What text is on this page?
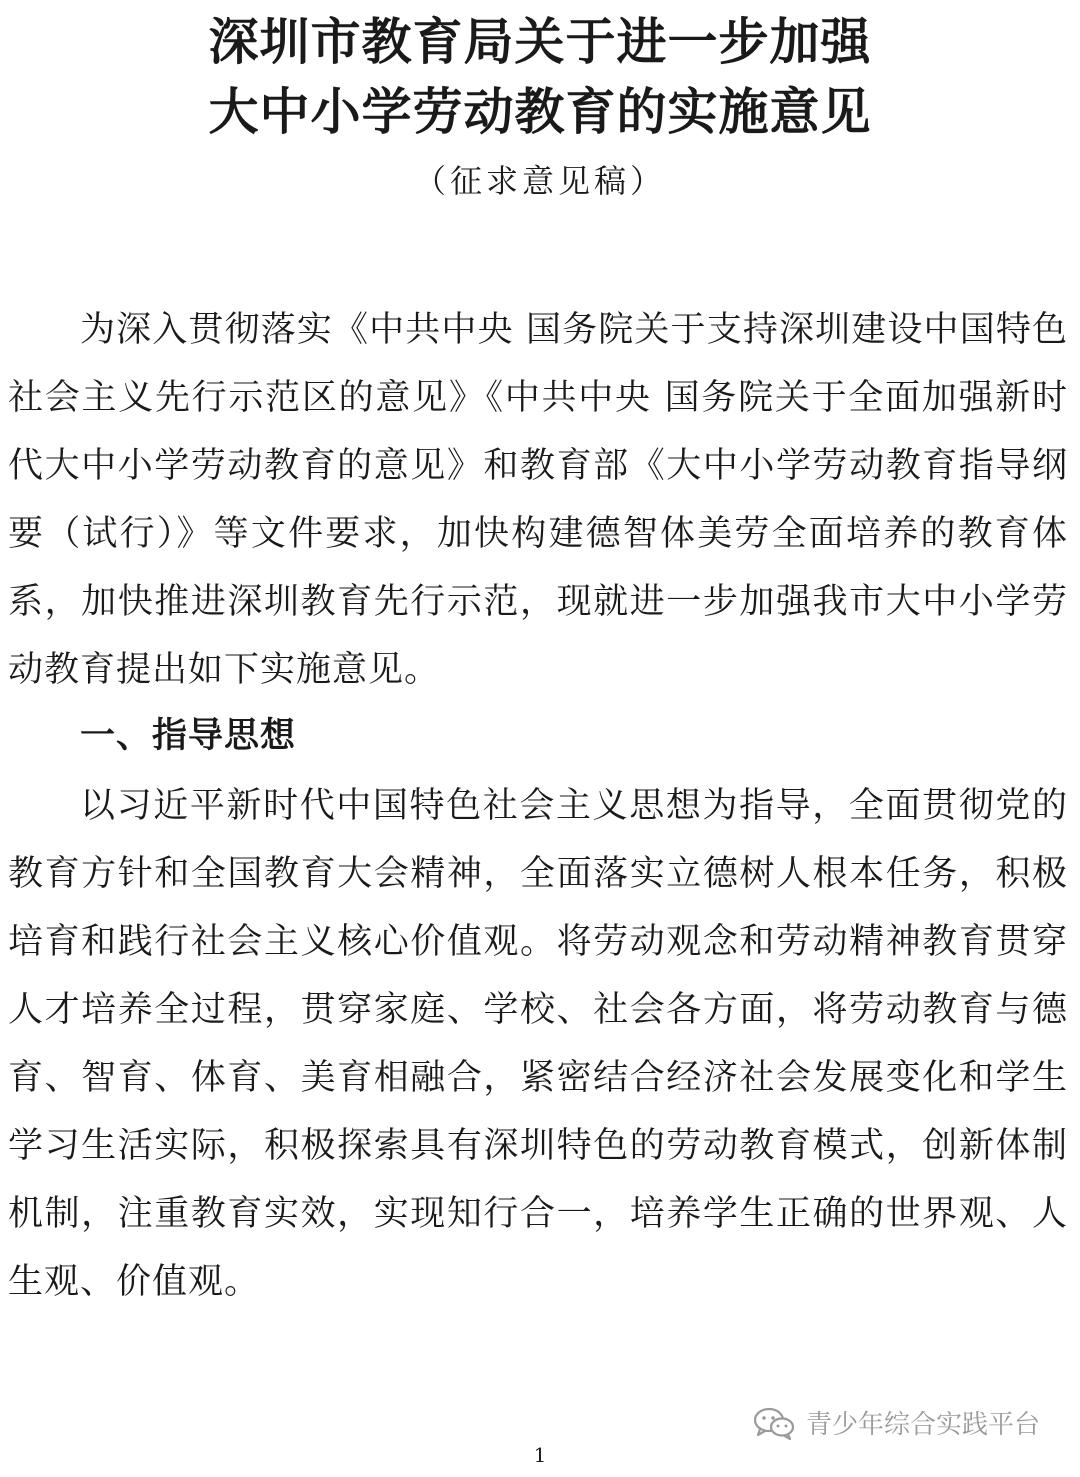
深圳市教育局关于进一步加强
大中小学劳动教育的实施意见

（征求意见稿）

为深入贯彻落实《中共中央 国务院关于支持深圳建设中国特色社会主义先行示范区的意见》《中共中央 国务院关于全面加强新时代大中小学劳动教育的意见》和教育部《大中小学劳动教育指导纲要（试行）》等文件要求，加快构建德智体美劳全面培养的教育体系，加快推进深圳教育先行示范，现就进一步加强我市大中小学劳动教育提出如下实施意见。

一、指导思想

以习近平新时代中国特色社会主义思想为指导，全面贯彻党的教育方针和全国教育大会精神，全面落实立德树人根本任务，积极培育和践行社会主义核心价值观。将劳动观念和劳动精神教育贯穿人才培养全过程，贯穿家庭、学校、社会各方面，将劳动教育与德育、智育、体育、美育相融合，紧密结合经济社会发展变化和学生学习生活实际，积极探索具有深圳特色的劳动教育模式，创新体制机制，注重教育实效，实现知行合一，培养学生正确的世界观、人生观、价值观。

青少年综合实践平台
1
